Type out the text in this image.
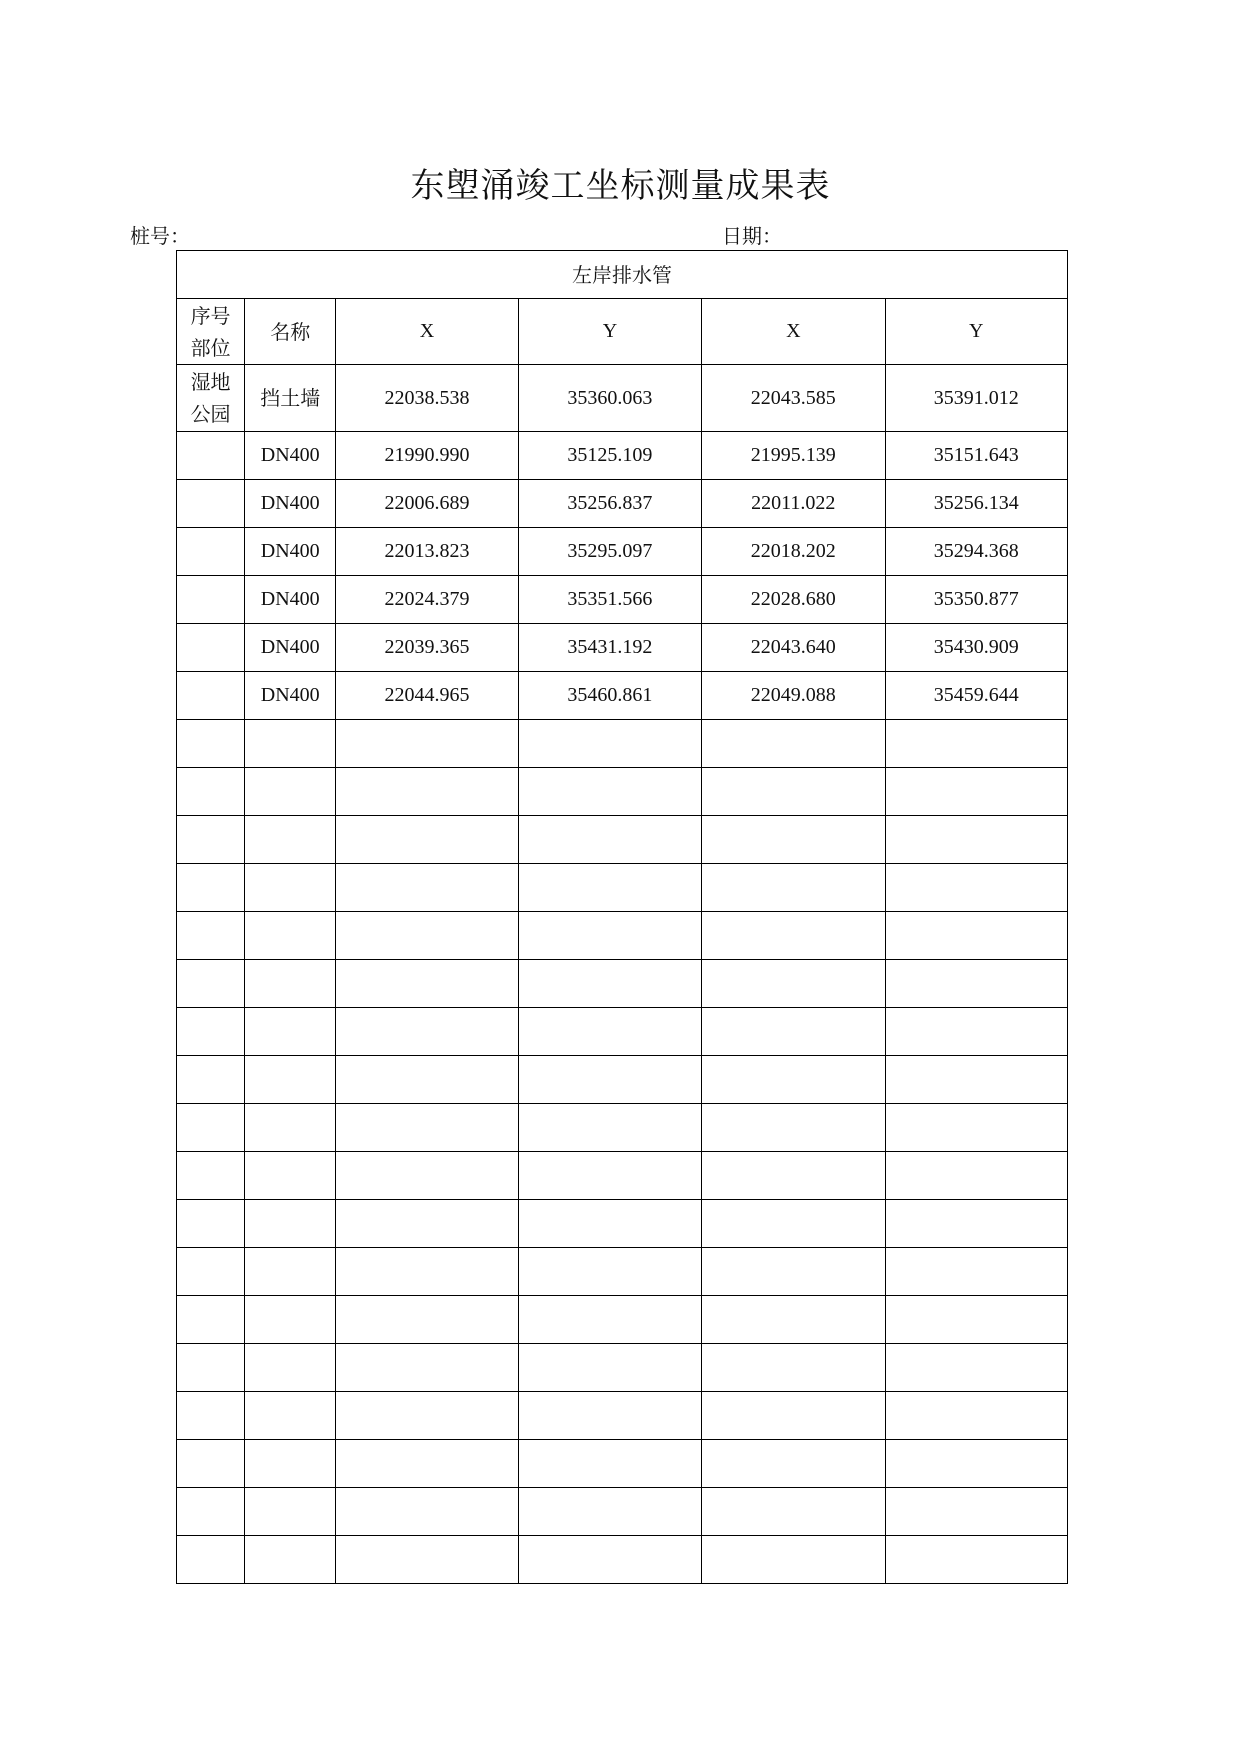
东塱涌竣工坐标测量成果表
桩号：	日期：
左岸排水管					

序号
部位	名称	X	Y	X	Y

湿地
公园	挡土墙	22038.538	35360.063	22043.585	35391.012
	DN400	21990.990	35125.109	21995.139	35151.643
	DN400	22006.689	35256.837	22011.022	35256.134
	DN400	22013.823	35295.097	22018.202	35294.368
	DN400	22024.379	35351.566	22028.680	35350.877
	DN400	22039.365	35431.192	22043.640	35430.909
	DN400	22044.965	35460.861	22049.088	35459.644
